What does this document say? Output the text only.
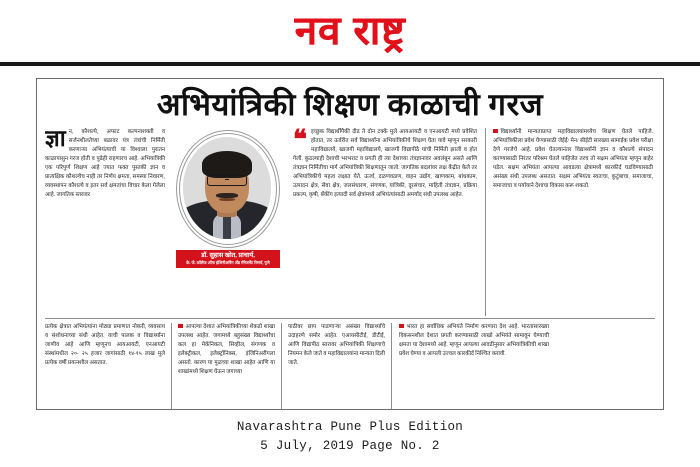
नव राष्ट्र
अभियांत्रिकी शिक्षण काळाची गरज

ज्ञा न, कौशल्ये, अफाट कल्पनाशक्ती व सर्जनशीलतेच्या बळावर यंत्र तंत्रांची निर्मिती करणाऱ्या अभियंत्याची या विश्वाला पुरातन काळापासुन गरज होती व पुढेही राहणारच आहे. अभियांत्रिकी एक परिपुर्ण शिक्षण आहे ज्यात फक्त पुस्तकी ज्ञान व प्रात्यक्षिक कौशल्येच नाही तर निर्णय क्षमता, समस्या निवारण, व्यवस्थापन कौशल्ये व इतर सर्व क्षमतांचा विचार केला गेलेला आहे. जागतिक स्तरावर

डॉ. सुहास खोत, प्राचार्य,
के. जे. कॉलेज ऑफ इंजिनीअरिंग अँड मॅनेजमेंट रिसर्च, पुणे

❝ इच्छुक विद्यार्थींपैकी दीड ते दोन टक्के मुले आयआयटी व एनआयटी मध्ये प्रवेशित होतात, तर ऊर्वरीत सर्व विद्यार्थ्यांना अभियांत्रिकीचे शिक्षण घेता यावे म्हणून सरकारी महाविद्यालये, खाजगी महाविद्यालये, खाजगी विद्यापीठे यांची निर्मिती झाली व होत गेली. कुठल्याही देशाची भरभराट व प्रगती ही त्या देशाच्या तंत्रज्ञानावर अवलंबुन असते आणि तंत्रज्ञान निर्मितीचा मार्ग अभियांत्रिकी शिक्षणातून जातो. जागतिक बदलांवर लक्ष केंद्रीत केले तर अभियांत्रिकीचे महत्व लक्षात येते. ऊर्जा, दळणवळण, वाहन उद्योग, खाणकाम, बांधकाम, उत्पादन क्षेत्र, सेवा क्षेत्र, जलसंधारण, संगणक, यांत्रिकी, दूरसंचार, माहिती तंत्रज्ञान, प्रक्रिया प्रकल्प, कृषी, बँकींग इत्यादी सर्व क्षेत्रांमध्ये अभियंत्यांसाठी अमर्याद संधी उपलब्ध आहेत.

विद्यार्थ्यांनी मान्यताप्राप्त महाविद्यालयांमध्येच शिक्षण घेतले पाहिजे. अभियांत्रिकीला प्रवेश घेण्यासाठी जेईई/ मेन/ सीईटी सारख्या सामाईक प्रवेश परीक्षा देणे गरजेचे आहे. प्रवेश घेतल्यानंतर विद्यार्थ्यांनी ज्ञान व कौशल्ये संपादन करण्यासाठी निरंतर परिश्रम घेतले पाहिजेत तरच तो सक्षम अभियंता म्हणून बाहेर पडेल. सक्षम अभियंता आपल्या आवडत्या क्षेत्रामध्ये कारकीर्द घडविण्यासाठी असंख्य संधी उपलब्ध असतात. सक्षम अभियंता स्वतःचा, कुटुंबाचा, समाजाचा, समाजाचा व पर्यायाने देशाचा विकास करू शकतो.

प्रत्येक क्षेत्रात अभियंत्यांना मोठ्या प्रमाणात नोकरी, व्यवसाय व संशोधनाच्या संधी आहेत. याची पालक व विद्यार्थ्यांना जाणीव आहे आणि म्हणूनच आयआयटी, एनआयटी संस्थांमधील २०- २५ हजार जागांसाठी १४-१५ लाख मुले प्रत्येक वर्षी प्रयत्नशील असतात.

आपल्या देशात अभियांत्रिकीच्या शेकडो शाखा उपलब्ध आहेत. जगामध्ये बहुसंख्य विद्यार्थ्यांचा कल हा मेकॅनिकल, सिव्हील, संगणक व इलेक्ट्रीकल, इलेक्ट्रॉनिक्स, इंजिनिअरींगला असतो. कारण या मुळच्या शाखा आहेत आणि या शाखांमध्ये शिक्षण घेऊन जगाच्या

पाठीवर छाप पाडणाऱ्या असंख्य विद्यार्थ्यांचे उदाहरणे समोर आहेत. एआयसीटीई, डीटीई, आणि विद्यापीठ स्तरावर अभियांत्रिकी शिक्षणाचे नियमन केले जाते व महाविद्यालयांना मान्यता दिली जाते.

भारत हा सर्वाधिक अभियंते निर्माण करणारा देश आहे. भारतासारख्या विकसनशील देशात प्रगती करण्यासाठी लाखो अभियंते सामावुन घेण्याची क्षमता या देशामध्ये आहे. म्हणून आपल्या आवडीनुसार अभियांत्रिकीची शाखा प्रवेश घेण्या व आपली उज्वल कारकीर्द निश्चित करावी.

Navarashtra Pune Plus Edition
5 July, 2019 Page No. 2
